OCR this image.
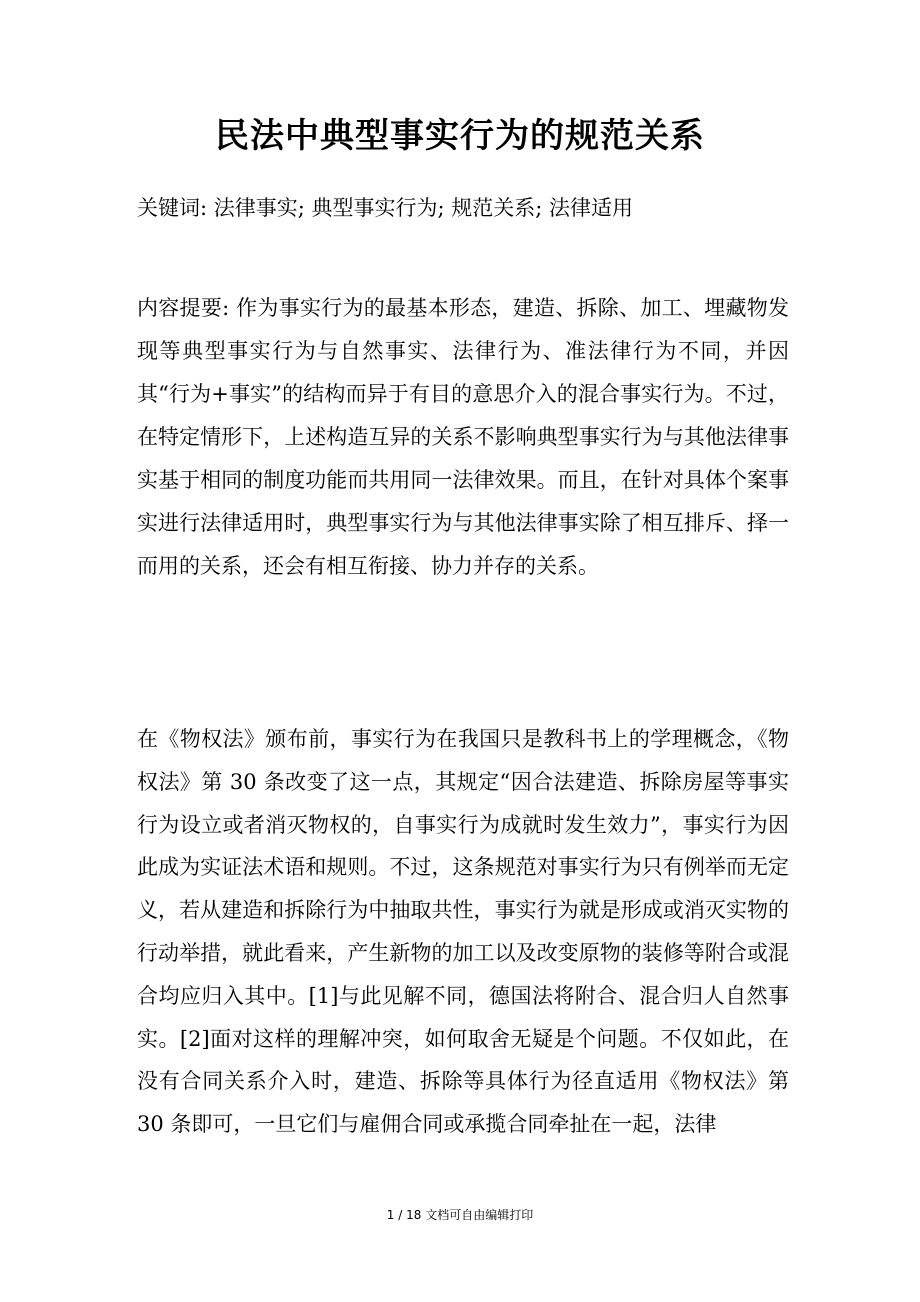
民法中典型事实行为的规范关系

关键词: 法律事实; 典型事实行为; 规范关系; 法律适用

内容提要: 作为事实行为的最基本形态，建造、拆除、加工、埋藏物发现等典型事实行为与自然事实、法律行为、准法律行为不同，并因其“行为+事实”的结构而异于有目的意思介入的混合事实行为。不过，在特定情形下，上述构造互异的关系不影响典型事实行为与其他法律事实基于相同的制度功能而共用同一法律效果。而且，在针对具体个案事实进行法律适用时，典型事实行为与其他法律事实除了相互排斥、择一而用的关系，还会有相互衔接、协力并存的关系。

在《物权法》颁布前，事实行为在我国只是教科书上的学理概念，《物权法》第 30 条改变了这一点，其规定“因合法建造、拆除房屋等事实行为设立或者消灭物权的，自事实行为成就时发生效力”，事实行为因此成为实证法术语和规则。不过，这条规范对事实行为只有例举而无定义，若从建造和拆除行为中抽取共性，事实行为就是形成或消灭实物的行动举措，就此看来，产生新物的加工以及改变原物的装修等附合或混合均应归入其中。[1]与此见解不同，德国法将附合、混合归人自然事实。[2]面对这样的理解冲突，如何取舍无疑是个问题。不仅如此，在没有合同关系介入时，建造、拆除等具体行为径直适用《物权法》第 30 条即可，一旦它们与雇佣合同或承揽合同牵扯在一起，法律

1 / 18 文档可自由编辑打印
